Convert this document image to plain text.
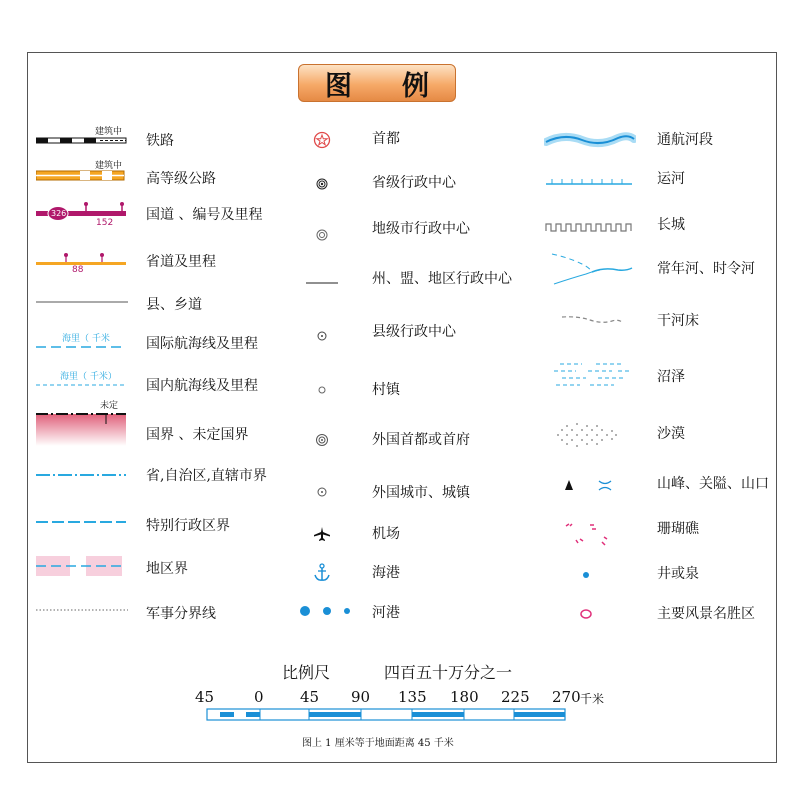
图 例
建筑中
建筑中
326
152
88
海里（ 千米
海里（ 千米）
未定
铁路
高等级公路
国道 、编号及里程
省道及里程
县、乡道
国际航海线及里程
国内航海线及里程
国界 、未定国界
省,自治区,直辖市界
特别行政区界
地区界
军事分界线
首都
省级行政中心
地级市行政中心
州、盟、地区行政中心
县级行政中心
村镇
外国首都或首府
外国城市、城镇
机场
海港
河港
通航河段
运河
长城
常年河、时令河
干河床
沼泽
沙漠
山峰、关隘、山口
珊瑚礁
井或泉
主要风景名胜区
比例尺	四百五十万分之一
45	0 45 90 135 180 225 270 千米
图上 1 厘米等于地面距离 45 千米
